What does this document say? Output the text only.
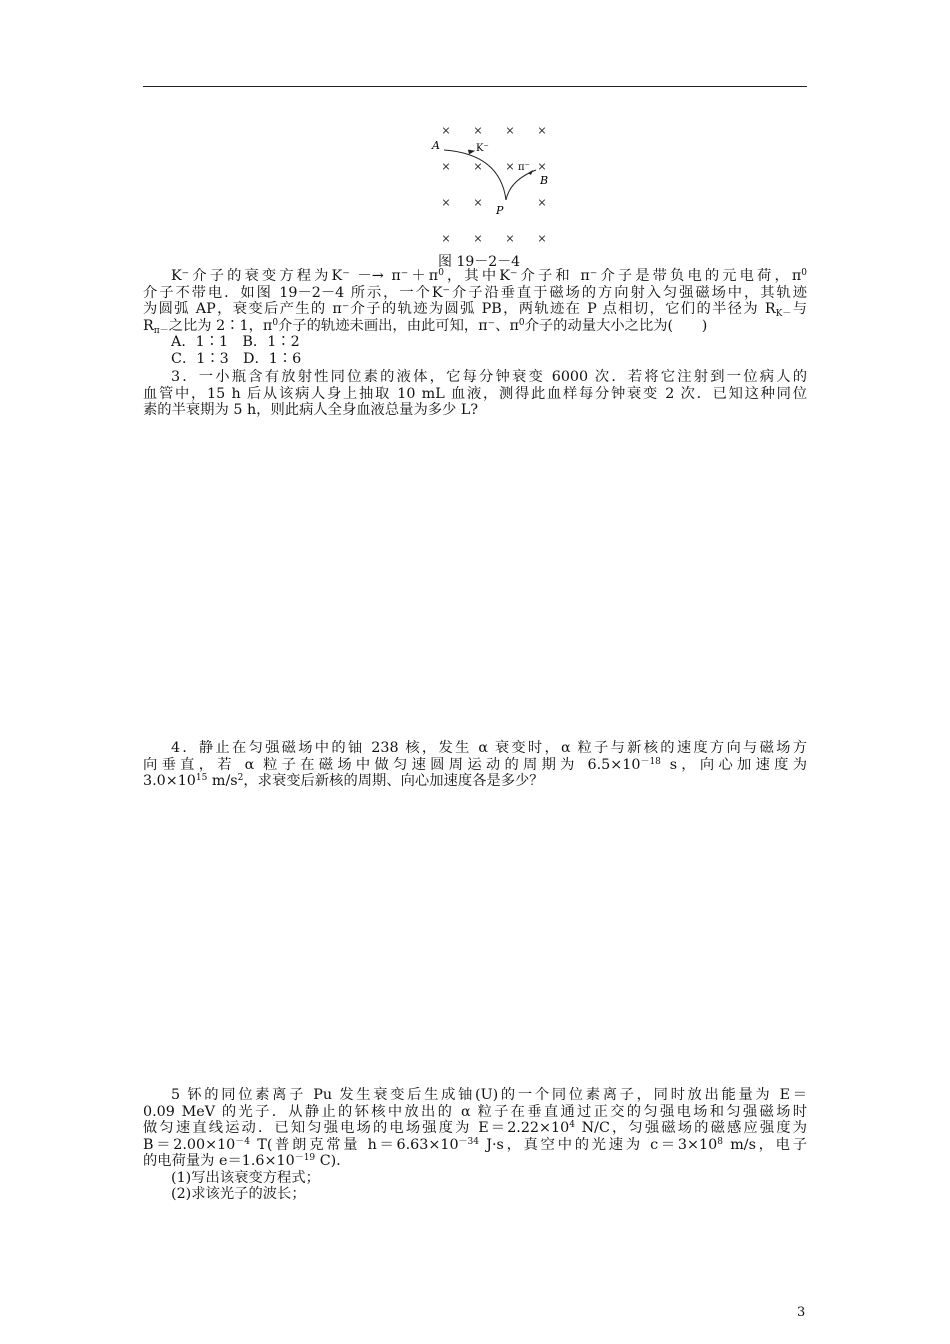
× × × ×
× × × ×
× ×	×
× × × ×
A	K⁻
π⁻
B
P
图 19－2－4
K⁻介子的衰变方程为$K^- -\to \pi^-+\pi^0$，其中K⁻介子和 π⁻介子是带负电的元电荷，$\pi^0$
介子不带电．如图 19－2－4 所示，一个K⁻介子沿垂直于磁场的方向射入匀强磁场中，其轨迹
为圆弧 AP，衰变后产生的 π⁻介子的轨迹为圆弧 PB，两轨迹在 P 点相切，它们的半径为 $R_{K-}$与
$R_{\pi-}$之比为 2∶1，$\pi^0$介子的轨迹未画出，由此可知，π⁻、$\pi^0$介子的动量大小之比为(　　)
A．1∶1　B．1∶2
C．1∶3　D．1∶6
3．一小瓶含有放射性同位素的液体，它每分钟衰变 6000 次．若将它注射到一位病人的
血管中，15 h 后从该病人身上抽取 10 mL 血液，测得此血样每分钟衰变 2 次．已知这种同位
素的半衰期为 5 h，则此病人全身血液总量为多少 L?
4．静止在匀强磁场中的铀 238 核，发生 α 衰变时，α 粒子与新核的速度方向与磁场方
向垂直，若 α 粒子在磁场中做匀速圆周运动的周期为 $6.5\times 10^{-18}$ s，向心加速度为
$3.0\times 10^{15}$ $m/s^2$，求衰变后新核的周期、向心加速度各是多少？
5 钚的同位素离子 Pu 发生衰变后生成铀(U)的一个同位素离子，同时放出能量为 E＝
0.09 MeV 的光子．从静止的钚核中放出的 α 粒子在垂直通过正交的匀强电场和匀强磁场时
做匀速直线运动．已知匀强电场的电场强度为 $E=2.22\times 10^4$ N/C，匀强磁场的磁感应强度为
$B=2.00\times 10^{-4}$ T(普朗克常量 $h=6.63\times 10^{-34}$ J·s，真空中的光速为 $c=3\times 10^8$ m/s，电子
的电荷量为 $e=1.6\times 10^{-19}$ C)．
(1)写出该衰变方程式；
(2)求该光子的波长；
3
